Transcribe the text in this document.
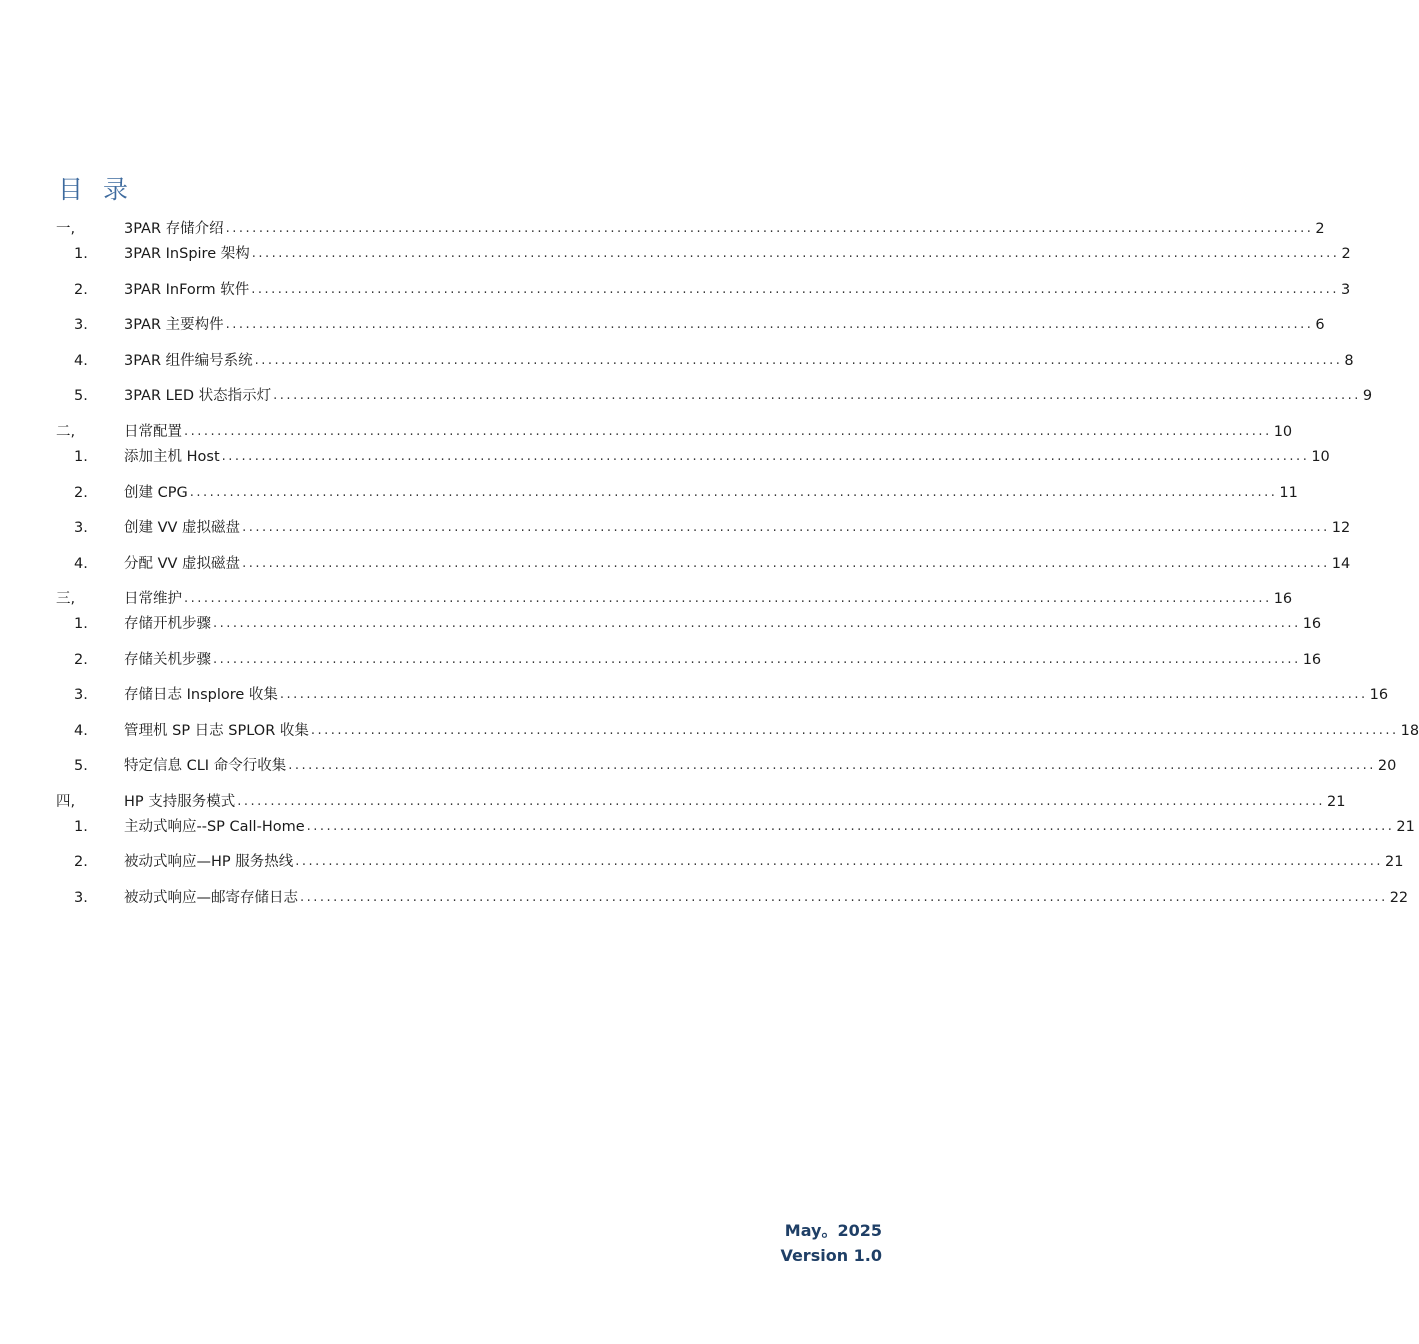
目 录
一,	3PAR 存储介绍 .................................................................................................................................................................... 2
1.	3PAR InSpire 架构 .................................................................................................................................................................... 2
2.	3PAR InForm 软件 .................................................................................................................................................................... 3
3.	3PAR 主要构件 .................................................................................................................................................................... 6
4.	3PAR 组件编号系统 .................................................................................................................................................................... 8
5.	3PAR LED 状态指示灯 .................................................................................................................................................................... 9
二,	日常配置 .................................................................................................................................................................... 10
1.	添加主机 Host .................................................................................................................................................................... 10
2.	创建 CPG .................................................................................................................................................................... 11
3.	创建 VV 虚拟磁盘 .................................................................................................................................................................... 12
4.	分配 VV 虚拟磁盘 .................................................................................................................................................................... 14
三,	日常维护 .................................................................................................................................................................... 16
1.	存储开机步骤 .................................................................................................................................................................... 16
2.	存储关机步骤 .................................................................................................................................................................... 16
3.	存储日志 Insplore 收集 .................................................................................................................................................................... 16
4.	管理机 SP 日志 SPLOR 收集 .................................................................................................................................................................... 18
5.	特定信息 CLI 命令行收集 .................................................................................................................................................................... 20
四,	HP 支持服务模式 .................................................................................................................................................................... 21
1.	主动式响应--SP Call-Home .................................................................................................................................................................... 21
2.	被动式响应—HP 服务热线 .................................................................................................................................................................... 21
3.	被动式响应—邮寄存储日志 .................................................................................................................................................................... 22
May。2025
Version 1.0
